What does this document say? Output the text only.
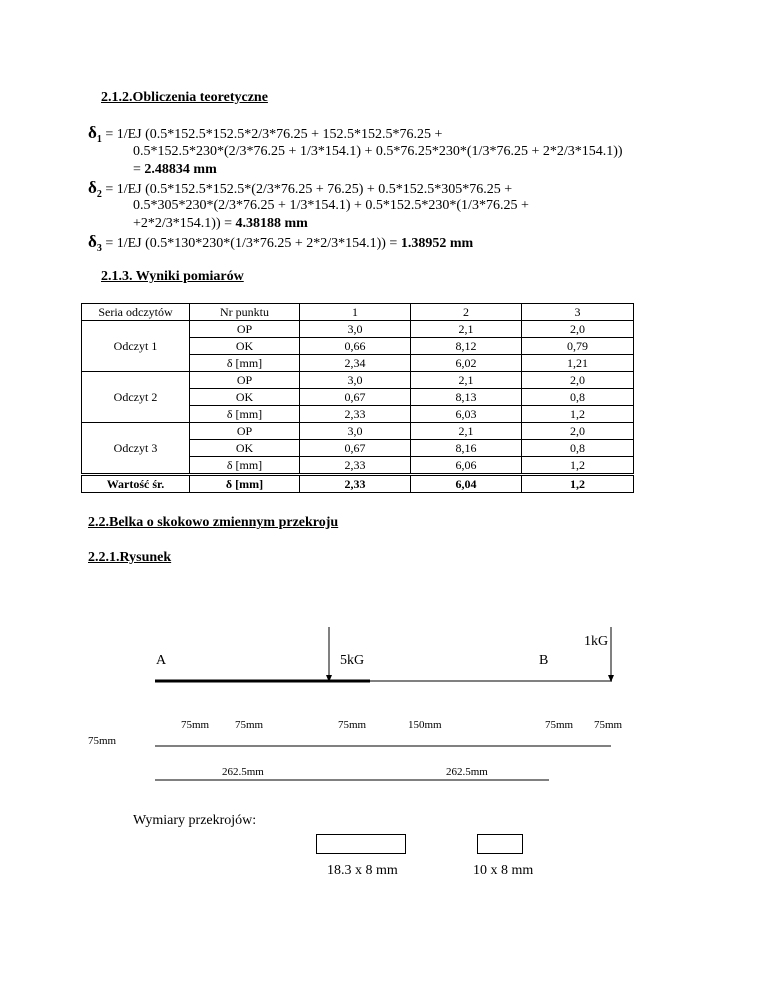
2.1.2.Obliczenia teoretyczne
$\delta_1 = 1/EJ$ (0.5*152.5*152.5*2/3*76.25 + 152.5*152.5*76.25 +
0.5*152.5*230*(2/3*76.25 + 1/3*154.1) + 0.5*76.25*230*(1/3*76.25 + 2*2/3*154.1))
= 2.48834 mm
$\delta_2 = 1/EJ$ (0.5*152.5*152.5*(2/3*76.25 + 76.25) + 0.5*152.5*305*76.25 +
0.5*305*230*(2/3*76.25 + 1/3*154.1) + 0.5*152.5*230*(1/3*76.25 +
+2*2/3*154.1)) = 4.38188 mm
$\delta_3 = 1/EJ$ (0.5*130*230*(1/3*76.25 + 2*2/3*154.1)) = 1.38952 mm
2.1.3. Wyniki pomiarów
Seria odczytów	Nr punktu	1	2	3
Odczyt 1	OP	3,0	2,1	2,0
	OK	0,66	8,12	0,79
	δ [mm]	2,34	6,02	1,21
Odczyt 2	OP	3,0	2,1	2,0
	OK	0,67	8,13	0,8
	δ [mm]	2,33	6,03	1,2
Odczyt 3	OP	3,0	2,1	2,0
	OK	0,67	8,16	0,8
	δ [mm]	2,33	6,06	1,2
Wartość śr.	δ [mm]	2,33	6,04	1,2
2.2.Belka o skokowo zmiennym przekroju
2.2.1.Rysunek
A	5kG	B
1kG
75mm 75mm	75mm	150mm	75mm 75mm
75mm
262.5mm	262.5mm
Wymiary przekrojów:
18.3 x 8 mm	10 x 8 mm
